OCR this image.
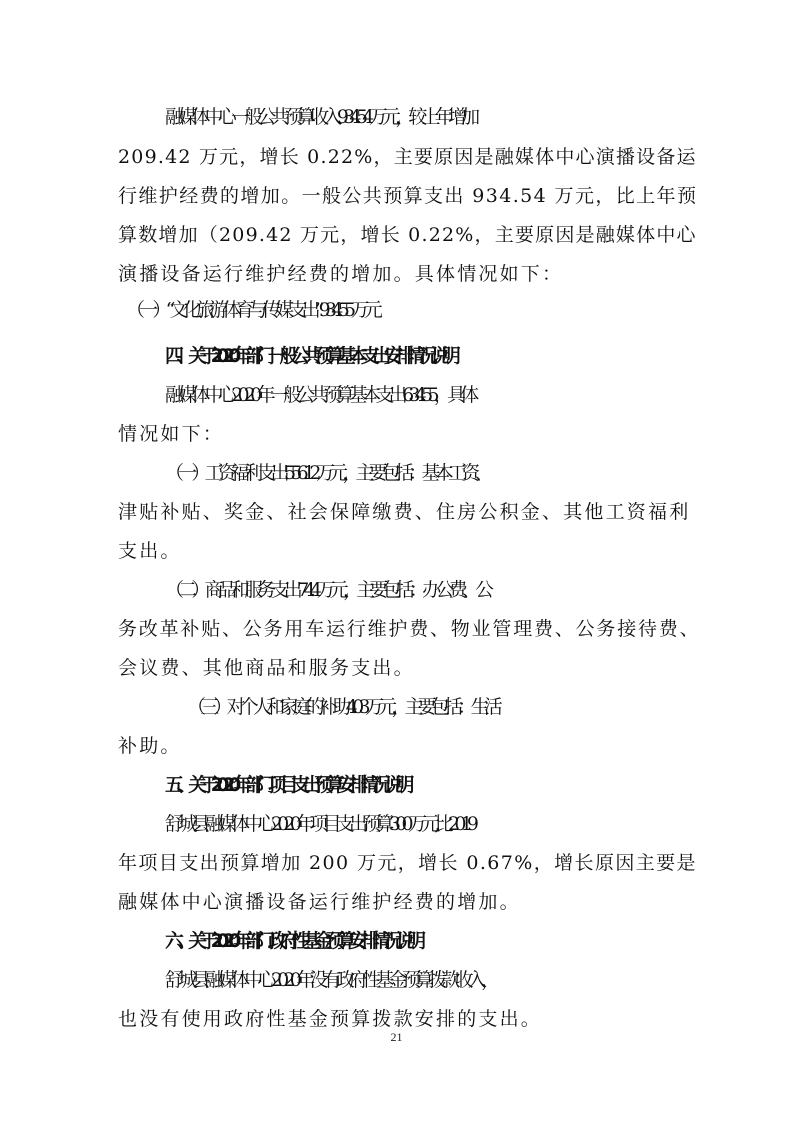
融媒体中心一般公共预算收入 934.54 万元，较上年增加
209.42 万元，增长 0.22%，主要原因是融媒体中心演播设备运
行维护经费的增加。一般公共预算支出 934.54 万元，比上年预
算数增加（209.42 万元，增长 0.22%，主要原因是融媒体中心
演播设备运行维护经费的增加。具体情况如下：
（一）“文化旅游体育与传媒支出”934.55 万元
四、关于 2020 年部门一般公共预算基本支出安排情况说明
融媒体中心 2020 年一般公共预算基本支出 634.55，具体
情况如下：
（一）工资福利支出 556.12 万元，主要包括：基本工资、
津贴补贴、奖金、社会保障缴费、住房公积金、其他工资福利
支出。
（二）商品和服务支出 74.4 万元，主要包括：办公费、公
务改革补贴、公务用车运行维护费、物业管理费、公务接待费、
会议费、其他商品和服务支出。
（三）对个人和家庭的补助 4.03 万元，主要包括：生活
补助。
五、关于 2020 年部门项目支出预算安排情况说明
舒城县融媒体中心 2020 年项目支出预算 300 万元,比 2019
年项目支出预算增加 200 万元，增长 0.67%，增长原因主要是
融媒体中心演播设备运行维护经费的增加。
六、关于 2020 年部门政府性基金预算安排情况说明
舒城县融媒体中心 2020 年没有政府性基金预算拨款收入，
也没有使用政府性基金预算拨款安排的支出。
21
